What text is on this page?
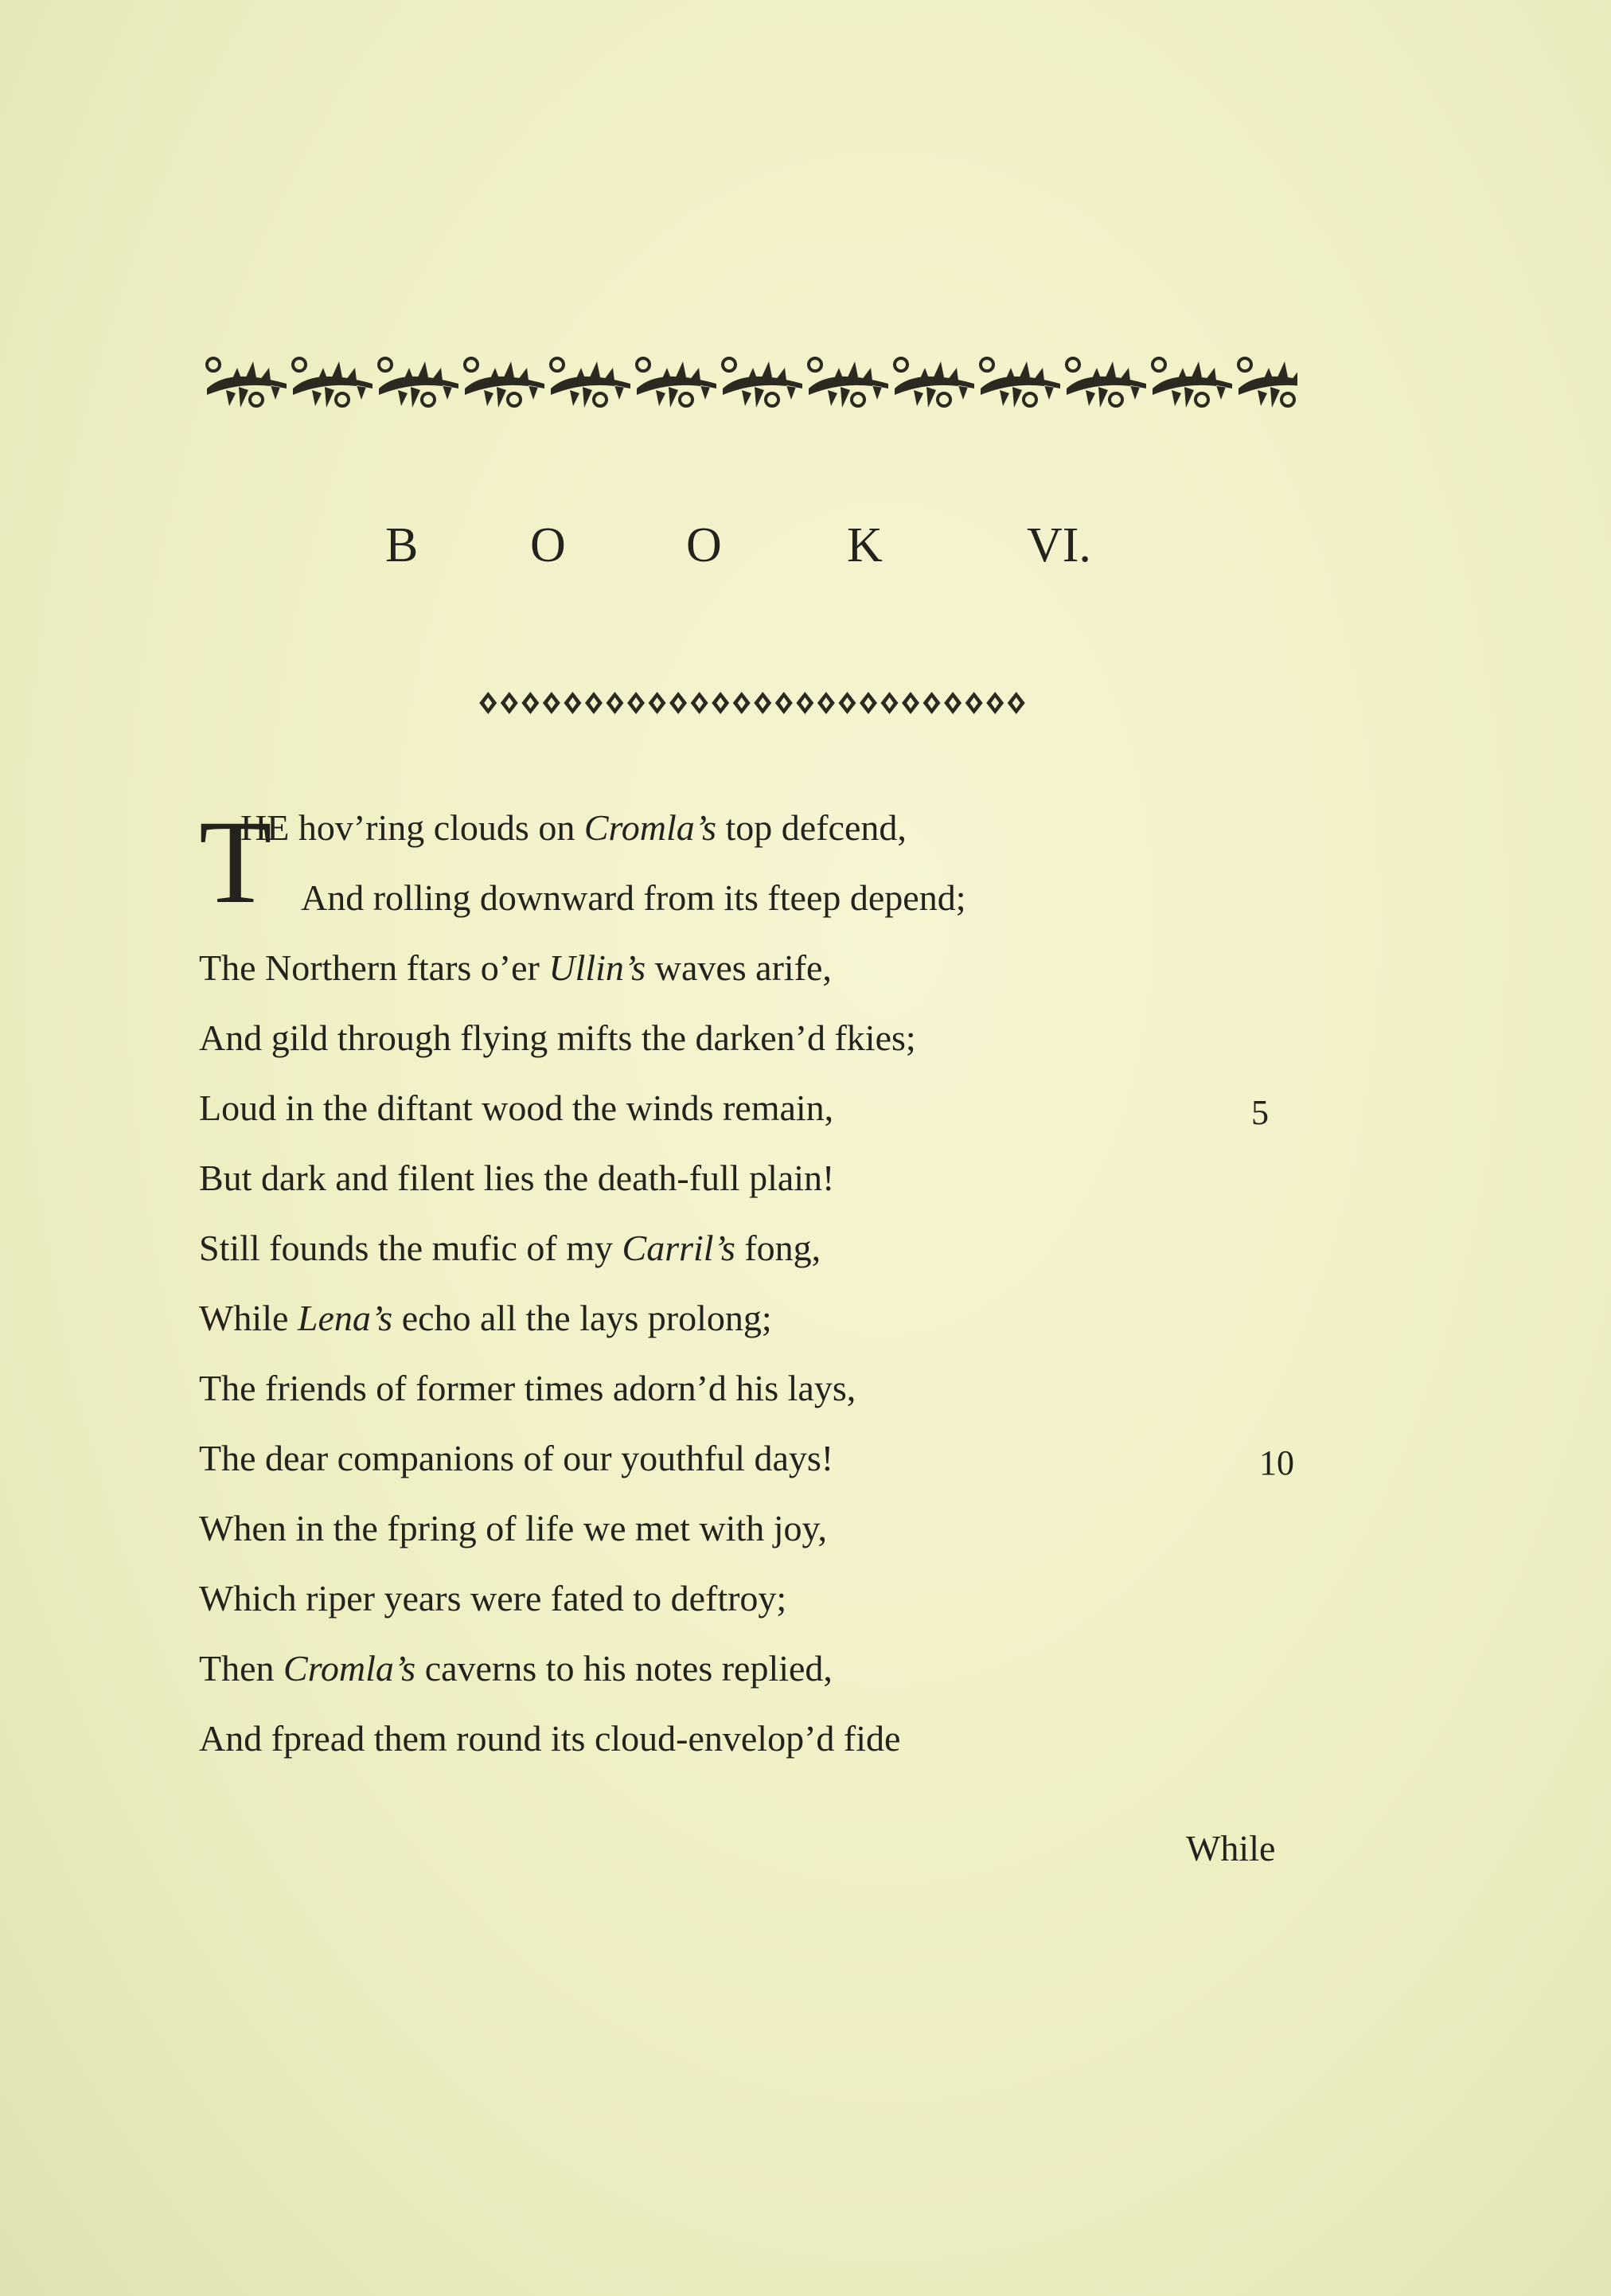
B O O	K	VI.
T
HE hov’ring clouds on Cromla’s top defcend,
And rolling downward from its fteep depend;
The Northern ftars o’er Ullin’s waves arife,
And gild through flying mifts the darken’d fkies;
Loud in the diftant wood the winds remain,
But dark and filent lies the death-full plain!
Still founds the mufic of my Carril’s fong,
While Lena’s echo all the lays prolong;
The friends of former times adorn’d his lays,
The dear companions of our youthful days!
When in the fpring of life we met with joy,
Which riper years were fated to deftroy;
Then Cromla’s caverns to his notes replied,
And fpread them round its cloud-envelop’d fide
5
10
While
